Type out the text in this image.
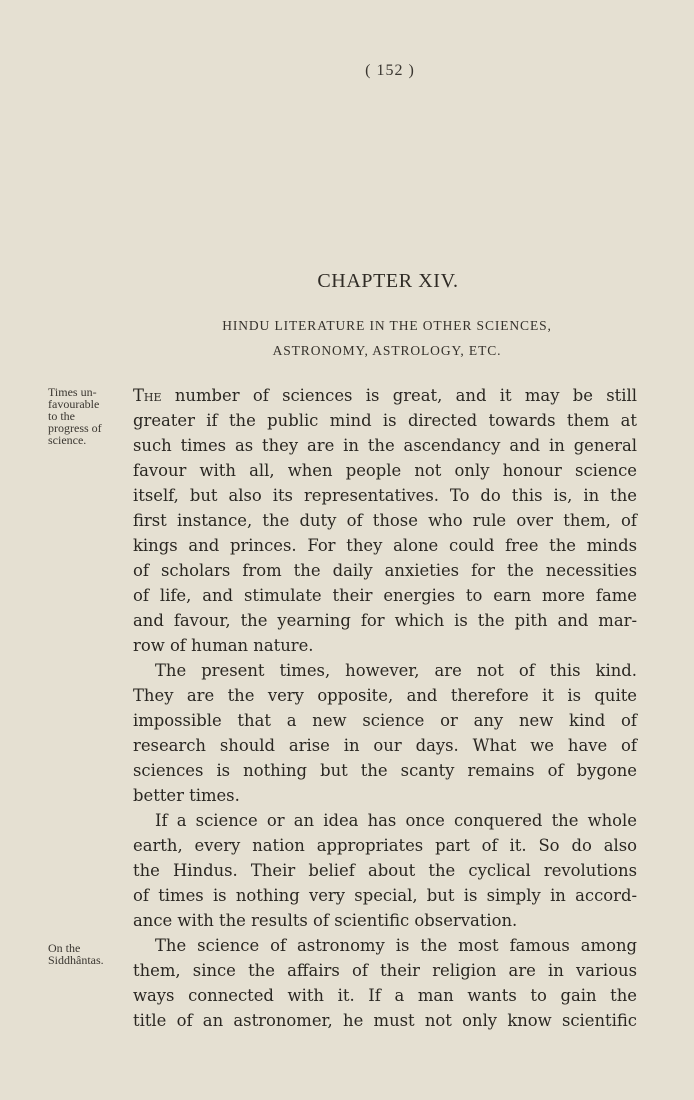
( 152 )
CHAPTER XIV.
HINDU LITERATURE IN THE OTHER SCIENCES,
ASTRONOMY, ASTROLOGY, ETC.
Times un-
favourable
to the
progress of
science.
On the
Siddhântas.
The number of sciences is great, and it may be still
greater if the public mind is directed towards them at
such times as they are in the ascendancy and in general
favour with all, when people not only honour science
itself, but also its representatives. To do this is, in the
first instance, the duty of those who rule over them, of
kings and princes. For they alone could free the minds
of scholars from the daily anxieties for the necessities
of life, and stimulate their energies to earn more fame
and favour, the yearning for which is the pith and mar-
row of human nature.
The present times, however, are not of this kind.
They are the very opposite, and therefore it is quite
impossible that a new science or any new kind of
research should arise in our days. What we have of
sciences is nothing but the scanty remains of bygone
better times.
If a science or an idea has once conquered the whole
earth, every nation appropriates part of it. So do also
the Hindus. Their belief about the cyclical revolutions
of times is nothing very special, but is simply in accord-
ance with the results of scientific observation.
The science of astronomy is the most famous among
them, since the affairs of their religion are in various
ways connected with it. If a man wants to gain the
title of an astronomer, he must not only know scientific
